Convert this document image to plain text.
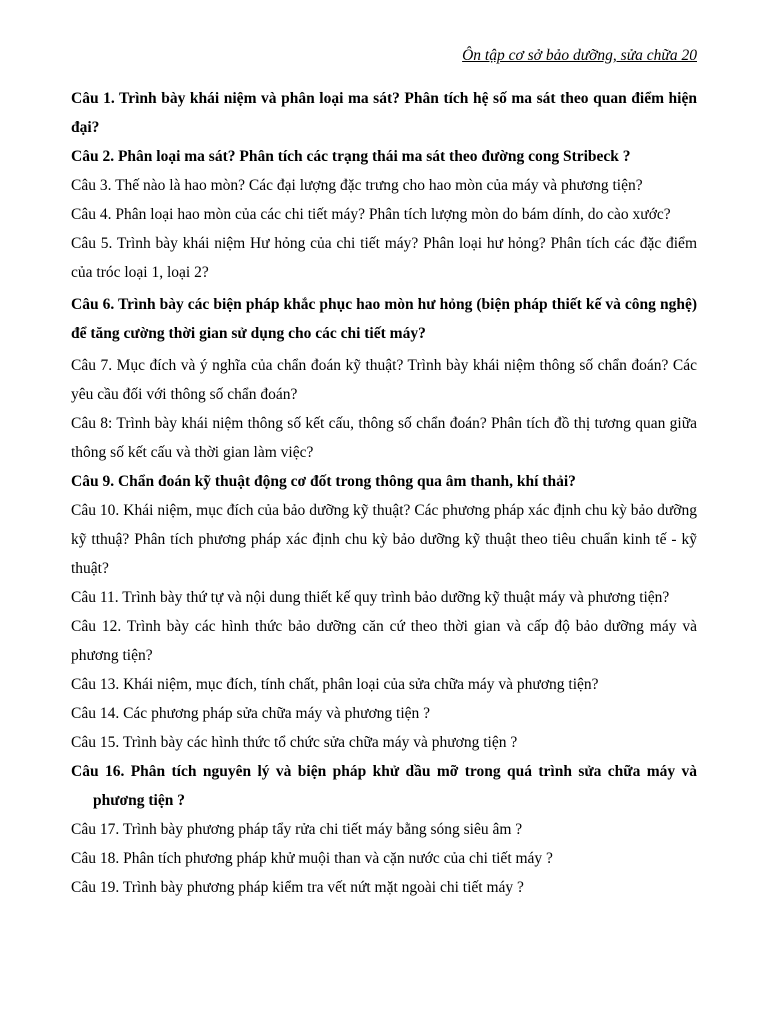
Ôn tập cơ sở bảo dưỡng, sửa chữa 20

Câu 1. Trình bày khái niệm và phân loại ma sát? Phân tích hệ số ma sát theo quan điểm hiện đại?

Câu 2. Phân loại ma sát? Phân tích các trạng thái ma sát theo đường cong Stribeck ?

Câu 3. Thế nào là hao mòn? Các đại lượng đặc trưng cho hao mòn của máy và phương tiện?

Câu 4. Phân loại hao mòn của các chi tiết máy? Phân tích lượng mòn do bám dính, do cào xước?

Câu 5. Trình bày khái niệm Hư hỏng của chi tiết máy? Phân loại hư hỏng? Phân tích các đặc điểm của tróc loại 1, loại 2?

Câu 6. Trình bày các biện pháp khắc phục hao mòn hư hỏng (biện pháp thiết kế và công nghệ) để tăng cường thời gian sử dụng cho các chi tiết máy?

Câu 7. Mục đích và ý nghĩa của chẩn đoán kỹ thuật? Trình bày khái niệm thông số chẩn đoán? Các yêu cầu đối với thông số chẩn đoán?

Câu 8: Trình bày khái niệm thông số kết cấu, thông số chẩn đoán? Phân tích đồ thị tương quan giữa thông số kết cấu và thời gian làm việc?

Câu 9. Chẩn đoán kỹ thuật động cơ đốt trong thông qua âm thanh, khí thải?

Câu 10. Khái niệm, mục đích của bảo dưỡng kỹ thuật? Các phương pháp xác định chu kỳ bảo dưỡng kỹ tthuậ? Phân tích phương pháp xác định chu kỳ bảo dưỡng kỹ thuật theo tiêu chuẩn kinh tế - kỹ thuật?

Câu 11. Trình bày thứ tự và nội dung thiết kế quy trình bảo dưỡng kỹ thuật máy và phương tiện?

Câu 12. Trình bày các hình thức bảo dưỡng căn cứ theo thời gian và cấp độ bảo dưỡng máy và phương tiện?

Câu 13. Khái niệm, mục đích, tính chất, phân loại của sửa chữa máy và phương tiện?

Câu 14. Các phương pháp sửa chữa máy và phương tiện ?

Câu 15. Trình bày các hình thức tổ chức sửa chữa máy và phương tiện ?

Câu 16. Phân tích nguyên lý và biện pháp khử dầu mỡ trong quá trình sửa chữa máy và phương tiện ?

Câu 17. Trình bày phương pháp tẩy rửa chi tiết máy bằng sóng siêu âm ?

Câu 18. Phân tích phương pháp khử muội than và cặn nước của chi tiết máy ?

Câu 19. Trình bày phương pháp kiểm tra vết nứt mặt ngoài chi tiết máy ?
